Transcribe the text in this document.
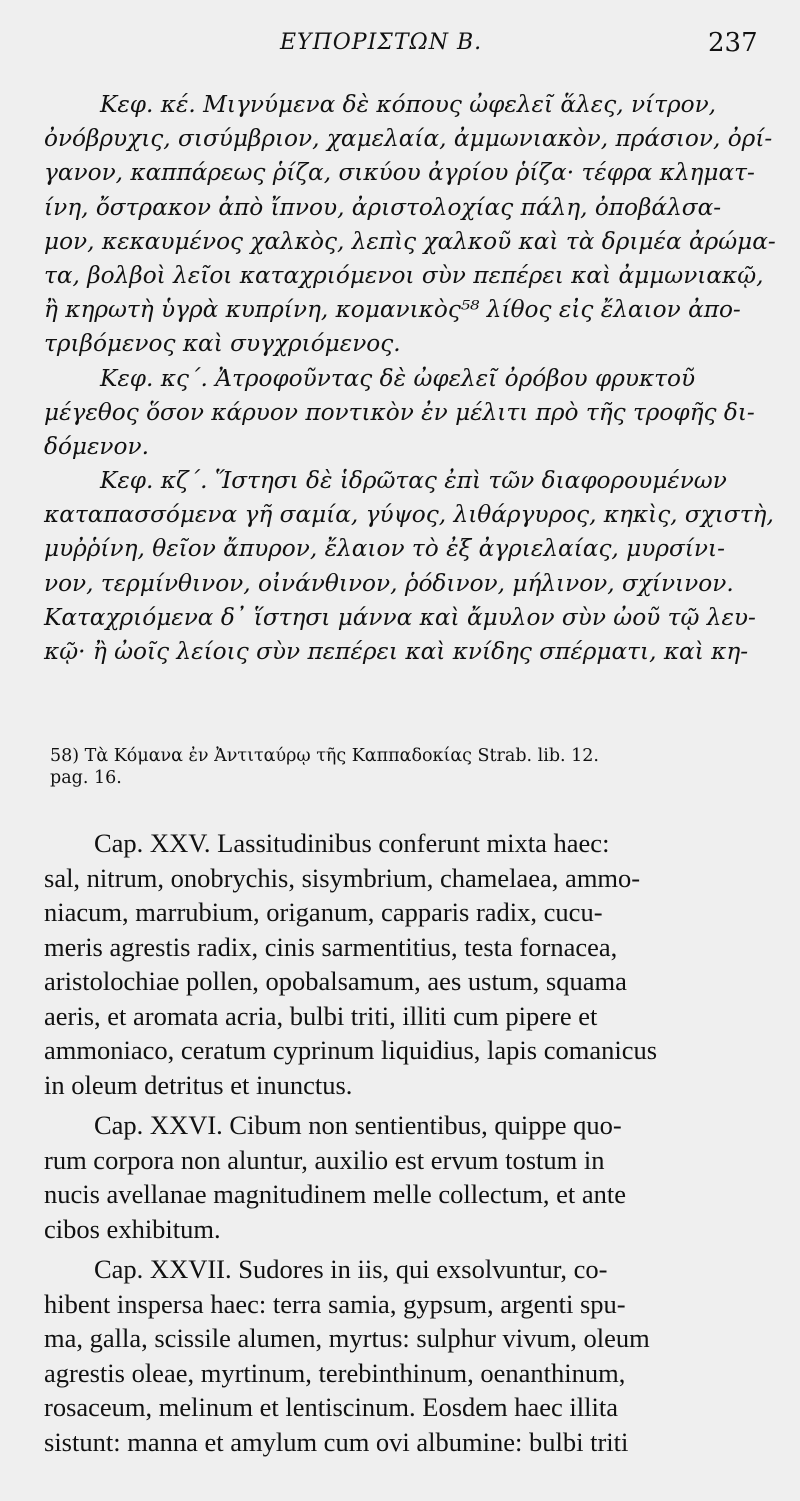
ΕΥΠΟΡΙΣΤΩΝ Β.	237
Κεφ. κέ. Μιγνύμενα δὲ κόπους ὠφελεῖ ἅλες, νίτρον,
ὀνόβρυχις, σισύμβριον, χαμελαία, ἀμμωνιακὸν, πράσιον, ὀρί-
γανον, καππάρεως ῥίζα, σικύου ἀγρίου ῥίζα· τέφρα κληματ-
ίνη, ὄστρακον ἀπὸ ἴπνου, ἀριστολοχίας πάλη, ὀποβάλσα-
μον, κεκαυμένος χαλκὸς, λεπὶς χαλκοῦ καὶ τὰ δριμέα ἀρώμα-
τα, βολβοὶ λεῖοι καταχριόμενοι σὺν πεπέρει καὶ ἀμμωνιακῷ,
ἢ κηρωτὴ ὑγρὰ κυπρίνη, κομανικὸς⁵⁸ λίθος εἰς ἔλαιον ἀπο-
τριβόμενος καὶ συγχριόμενος.
Κεφ. κς΄. Ἀτροφοῦντας δὲ ὠφελεῖ ὀρόβου φρυκτοῦ
μέγεθος ὅσον κάρυον ποντικὸν ἐν μέλιτι πρὸ τῆς τροφῆς δι-
δόμενον.
Κεφ. κζ΄. Ἵστησι δὲ ἱδρῶτας ἐπὶ τῶν διαφορουμένων
καταπασσόμενα γῆ σαμία, γύψος, λιθάργυρος, κηκὶς, σχιστὴ,
μυῤῥίνη, θεῖον ἄπυρον, ἔλαιον τὸ ἐξ ἀγριελαίας, μυρσίνι-
νον, τερμίνθινον, οἰνάνθινον, ῥόδινον, μήλινον, σχίνινον.
Καταχριόμενα δ᾽ ἵστησι μάννα καὶ ἄμυλον σὺν ὠοῦ τῷ λευ-
κῷ· ἢ ὠοῖς λείοις σὺν πεπέρει καὶ κνίδης σπέρματι, καὶ κη-
58) Τὰ Κόμανα ἐν Ἀντιταύρῳ τῆς Καππαδοκίας Strab. lib. 12.
pag. 16.
Cap. XXV. Lassitudinibus conferunt mixta haec:
sal, nitrum, onobrychis, sisymbrium, chamelaea, ammo-
niacum, marrubium, origanum, capparis radix, cucu-
meris agrestis radix, cinis sarmentitius, testa fornacea,
aristolochiae pollen, opobalsamum, aes ustum, squama
aeris, et aromata acria, bulbi triti, illiti cum pipere et
ammoniaco, ceratum cyprinum liquidius, lapis comanicus
in oleum detritus et inunctus.
Cap. XXVI. Cibum non sentientibus, quippe quo-
rum corpora non aluntur, auxilio est ervum tostum in
nucis avellanae magnitudinem melle collectum, et ante
cibos exhibitum.
Cap. XXVII. Sudores in iis, qui exsolvuntur, co-
hibent inspersa haec: terra samia, gypsum, argenti spu-
ma, galla, scissile alumen, myrtus: sulphur vivum, oleum
agrestis oleae, myrtinum, terebinthinum, oenanthinum,
rosaceum, melinum et lentiscinum. Eosdem haec illita
sistunt: manna et amylum cum ovi albumine: bulbi triti
